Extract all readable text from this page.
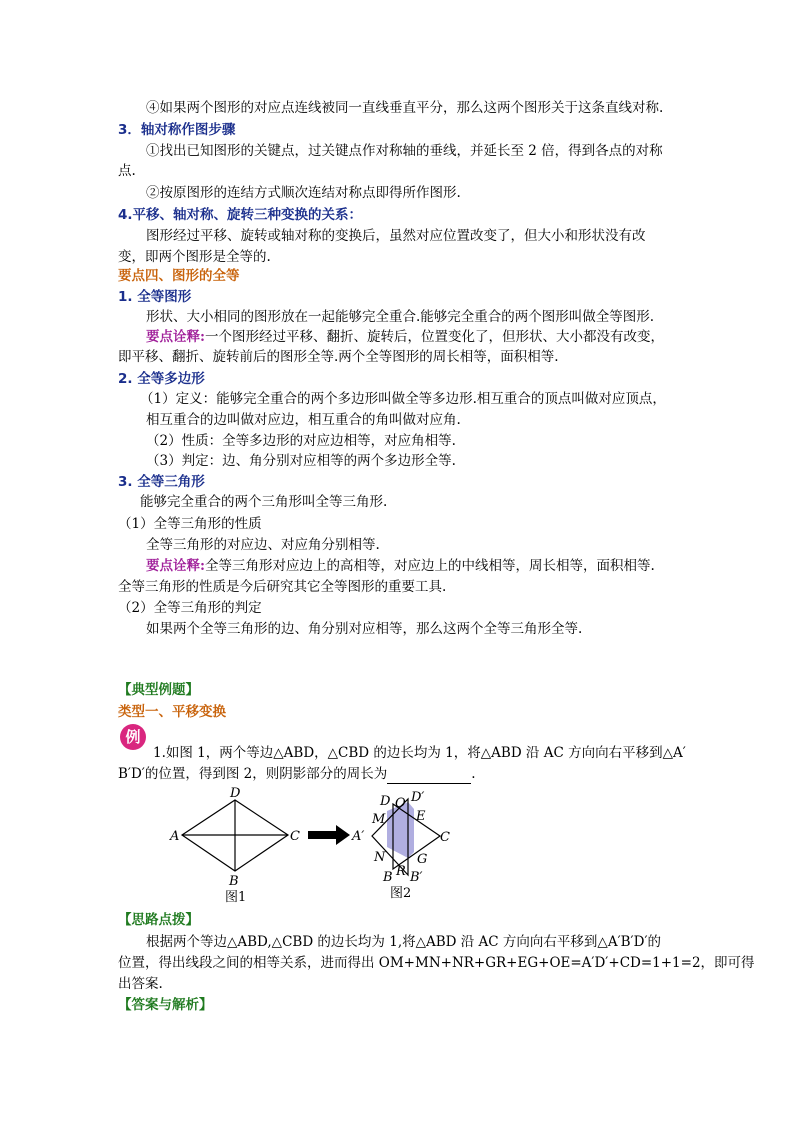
④如果两个图形的对应点连线被同一直线垂直平分，那么这两个图形关于这条直线对称.
3．轴对称作图步骤
①找出已知图形的关键点，过关键点作对称轴的垂线，并延长至 2 倍，得到各点的对称
点.
②按原图形的连结方式顺次连结对称点即得所作图形.
4.平移、轴对称、旋转三种变换的关系：
图形经过平移、旋转或轴对称的变换后，虽然对应位置改变了，但大小和形状没有改
变，即两个图形是全等的.
要点四、图形的全等
1. 全等图形
形状、大小相同的图形放在一起能够完全重合.能够完全重合的两个图形叫做全等图形.
要点诠释:一个图形经过平移、翻折、旋转后，位置变化了，但形状、大小都没有改变，
即平移、翻折、旋转前后的图形全等.两个全等图形的周长相等，面积相等.
2. 全等多边形
（1）定义：能够完全重合的两个多边形叫做全等多边形.相互重合的顶点叫做对应顶点，
相互重合的边叫做对应边，相互重合的角叫做对应角.
（2）性质：全等多边形的对应边相等，对应角相等.
（3）判定：边、角分别对应相等的两个多边形全等.
3. 全等三角形
能够完全重合的两个三角形叫全等三角形.
（1）全等三角形的性质
全等三角形的对应边、对应角分别相等.
要点诠释:全等三角形对应边上的高相等，对应边上的中线相等，周长相等，面积相等.
全等三角形的性质是今后研究其它全等图形的重要工具.
（2）全等三角形的判定
如果两个全等三角形的边、角分别对应相等，那么这两个全等三角形全等.
【典型例题】
类型一、平移变换
例
1.如图 1，两个等边△ABD，△CBD 的边长均为 1，将△ABD 沿 AC 方向向右平移到△A′
B′D′的位置，得到图 2，则阴影部分的周长为	.
A
B
C
D
图1
D O D′
M E
A′	C
N G
R
B B′
图2
【思路点拨】
根据两个等边△ABD,△CBD 的边长均为 1,将△ABD 沿 AC 方向向右平移到△A′B′D′的
位置，得出线段之间的相等关系，进而得出 OM+MN+NR+GR+EG+OE=A′D′+CD=1+1=2，即可得
出答案.
【答案与解析】
